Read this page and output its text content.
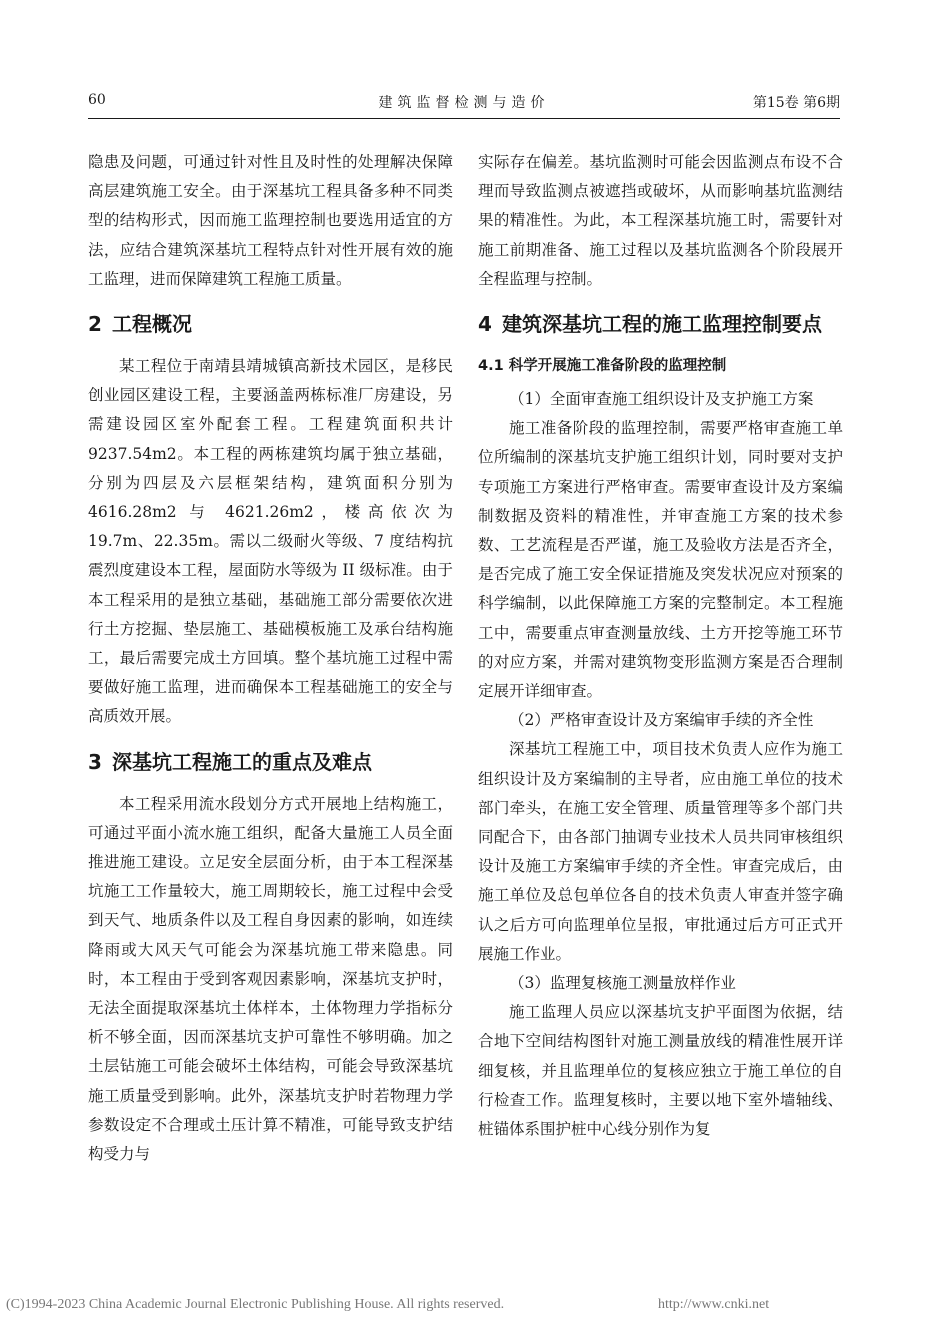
60	建筑监督检测与造价	第15卷 第6期

隐患及问题，可通过针对性且及时性的处理解决保障高层建筑施工安全。由于深基坑工程具备多种不同类型的结构形式，因而施工监理控制也要选用适宜的方法，应结合建筑深基坑工程特点针对性开展有效的施工监理，进而保障建筑工程施工质量。

2 工程概况

某工程位于南靖县靖城镇高新技术园区，是移民创业园区建设工程，主要涵盖两栋标准厂房建设，另需建设园区室外配套工程。工程建筑面积共计 9237.54m2。本工程的两栋建筑均属于独立基础，分别为四层及六层框架结构，建筑面积分别为4616.28m2 与 4621.26m2，楼高依次为 19.7m、22.35m。需以二级耐火等级、7 度结构抗震烈度建设本工程，屋面防水等级为 II 级标准。由于本工程采用的是独立基础，基础施工部分需要依次进行土方挖掘、垫层施工、基础模板施工及承台结构施工，最后需要完成土方回填。整个基坑施工过程中需要做好施工监理，进而确保本工程基础施工的安全与高质效开展。

3 深基坑工程施工的重点及难点

本工程采用流水段划分方式开展地上结构施工，可通过平面小流水施工组织，配备大量施工人员全面推进施工建设。立足安全层面分析，由于本工程深基坑施工工作量较大，施工周期较长，施工过程中会受到天气、地质条件以及工程自身因素的影响，如连续降雨或大风天气可能会为深基坑施工带来隐患。同时，本工程由于受到客观因素影响，深基坑支护时，无法全面提取深基坑土体样本，土体物理力学指标分析不够全面，因而深基坑支护可靠性不够明确。加之土层钻施工可能会破坏土体结构，可能会导致深基坑施工质量受到影响。此外，深基坑支护时若物理力学参数设定不合理或土压计算不精准，可能导致支护结构受力与

实际存在偏差。基坑监测时可能会因监测点布设不合理而导致监测点被遮挡或破坏，从而影响基坑监测结果的精准性。为此，本工程深基坑施工时，需要针对施工前期准备、施工过程以及基坑监测各个阶段展开全程监理与控制。

4 建筑深基坑工程的施工监理控制要点
4.1 科学开展施工准备阶段的监理控制

（1）全面审查施工组织设计及支护施工方案

施工准备阶段的监理控制，需要严格审查施工单位所编制的深基坑支护施工组织计划，同时要对支护专项施工方案进行严格审查。需要审查设计及方案编制数据及资料的精准性，并审查施工方案的技术参数、工艺流程是否严谨，施工及验收方法是否齐全，是否完成了施工安全保证措施及突发状况应对预案的科学编制，以此保障施工方案的完整制定。本工程施工中，需要重点审查测量放线、土方开挖等施工环节的对应方案，并需对建筑物变形监测方案是否合理制定展开详细审查。

（2）严格审查设计及方案编审手续的齐全性

深基坑工程施工中，项目技术负责人应作为施工组织设计及方案编制的主导者，应由施工单位的技术部门牵头，在施工安全管理、质量管理等多个部门共同配合下，由各部门抽调专业技术人员共同审核组织设计及施工方案编审手续的齐全性。审查完成后，由施工单位及总包单位各自的技术负责人审查并签字确认之后方可向监理单位呈报，审批通过后方可正式开展施工作业。

（3）监理复核施工测量放样作业

施工监理人员应以深基坑支护平面图为依据，结合地下空间结构图针对施工测量放线的精准性展开详细复核，并且监理单位的复核应独立于施工单位的自行检查工作。监理复核时，主要以地下室外墙轴线、桩锚体系围护桩中心线分别作为复

(C)1994-2023 China Academic Journal Electronic Publishing House. All rights reserved.	http://www.cnki.net
